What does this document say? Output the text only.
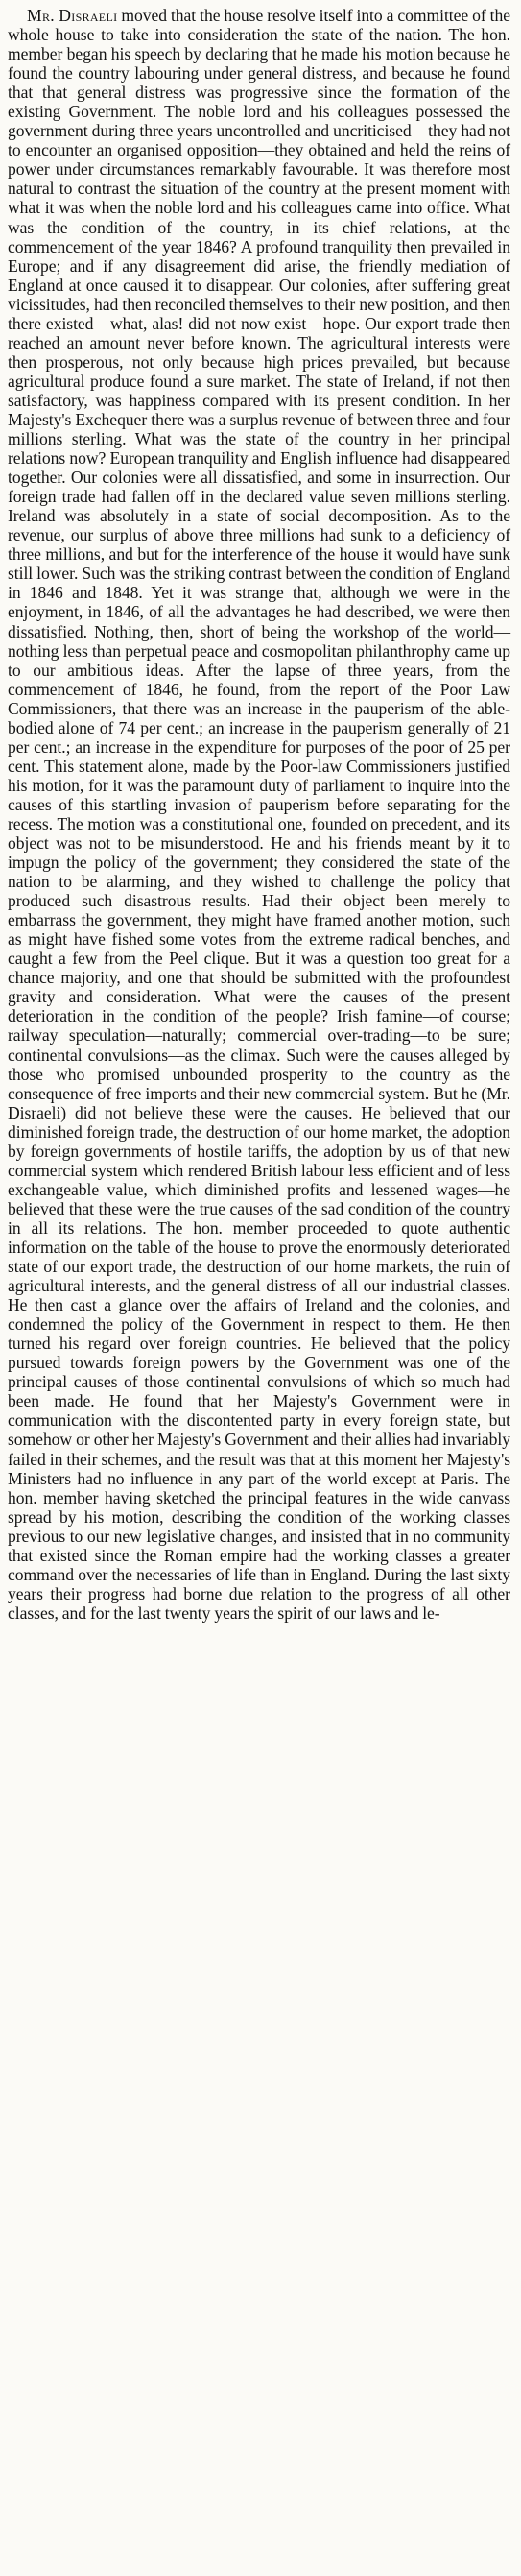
Mr. Disraeli moved that the house resolve itself into a committee of the whole house to take into consideration the state of the nation. The hon. member began his speech by declaring that he made his motion because he found the country labouring under general distress, and because he found that that general distress was progressive since the formation of the existing Government. The noble lord and his colleagues possessed the government during three years uncontrolled and uncriticised—they had not to encounter an organised opposition—they obtained and held the reins of power under circumstances remarkably favourable. It was therefore most natural to contrast the situation of the country at the present moment with what it was when the noble lord and his colleagues came into office. What was the condition of the country, in its chief relations, at the commencement of the year 1846? A profound tranquility then prevailed in Europe; and if any disagreement did arise, the friendly mediation of England at once caused it to disappear. Our colonies, after suffering great vicissitudes, had then reconciled themselves to their new position, and then there existed—what, alas! did not now exist—hope. Our export trade then reached an amount never before known. The agricultural interests were then prosperous, not only because high prices prevailed, but because agricultural produce found a sure market. The state of Ireland, if not then satisfactory, was happiness compared with its present condition. In her Majesty's Exchequer there was a surplus revenue of between three and four millions sterling. What was the state of the country in her principal relations now? European tranquility and English influence had disappeared together. Our colonies were all dissatisfied, and some in insurrection. Our foreign trade had fallen off in the declared value seven millions sterling. Ireland was absolutely in a state of social decomposition. As to the revenue, our surplus of above three millions had sunk to a deficiency of three millions, and but for the interference of the house it would have sunk still lower. Such was the striking contrast between the condition of England in 1846 and 1848. Yet it was strange that, although we were in the enjoyment, in 1846, of all the advantages he had described, we were then dissatisfied. Nothing, then, short of being the workshop of the world—nothing less than perpetual peace and cosmopolitan philanthrophy came up to our ambitious ideas. After the lapse of three years, from the commencement of 1846, he found, from the report of the Poor Law Commissioners, that there was an increase in the pauperism of the able-bodied alone of 74 per cent.; an increase in the pauperism generally of 21 per cent.; an increase in the expenditure for purposes of the poor of 25 per cent. This statement alone, made by the Poor-law Commissioners justified his motion, for it was the paramount duty of parliament to inquire into the causes of this startling invasion of pauperism before separating for the recess. The motion was a constitutional one, founded on precedent, and its object was not to be misunderstood. He and his friends meant by it to impugn the policy of the government; they considered the state of the nation to be alarming, and they wished to challenge the policy that produced such disastrous results. Had their object been merely to embarrass the government, they might have framed another motion, such as might have fished some votes from the extreme radical benches, and caught a few from the Peel clique. But it was a question too great for a chance majority, and one that should be submitted with the profoundest gravity and consideration. What were the causes of the present deterioration in the condition of the people? Irish famine—of course; railway speculation—naturally; commercial over-trading—to be sure; continental convulsions—as the climax. Such were the causes alleged by those who promised unbounded prosperity to the country as the consequence of free imports and their new commercial system. But he (Mr. Disraeli) did not believe these were the causes. He believed that our diminished foreign trade, the destruction of our home market, the adoption by foreign governments of hostile tariffs, the adoption by us of that new commercial system which rendered British labour less efficient and of less exchangeable value, which diminished profits and lessened wages—he believed that these were the true causes of the sad condition of the country in all its relations. The hon. member proceeded to quote authentic information on the table of the house to prove the enormously deteriorated state of our export trade, the destruction of our home markets, the ruin of agricultural interests, and the general distress of all our industrial classes. He then cast a glance over the affairs of Ireland and the colonies, and condemned the policy of the Government in respect to them. He then turned his regard over foreign countries. He believed that the policy pursued towards foreign powers by the Government was one of the principal causes of those continental convulsions of which so much had been made. He found that her Majesty's Government were in communication with the discontented party in every foreign state, but somehow or other her Majesty's Government and their allies had invariably failed in their schemes, and the result was that at this moment her Majesty's Ministers had no influence in any part of the world except at Paris. The hon. member having sketched the principal features in the wide canvass spread by his motion, describing the condition of the working classes previous to our new legislative changes, and insisted that in no community that existed since the Roman empire had the working classes a greater command over the necessaries of life than in England. During the last sixty years their progress had borne due relation to the progress of all other classes, and for the last twenty years the spirit of our laws and le-
